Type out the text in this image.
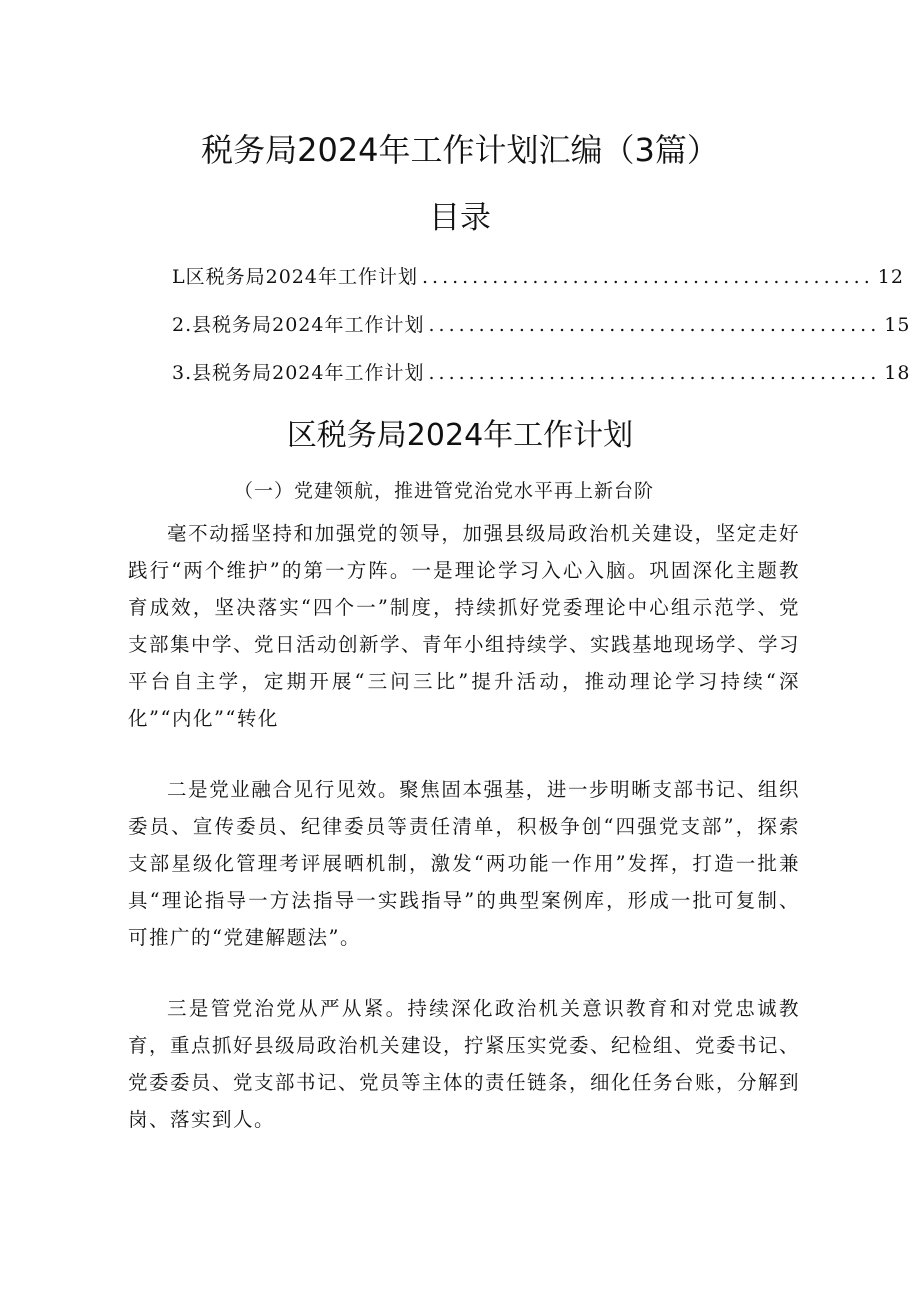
税务局2024年工作计划汇编（3篇）
目录
L区税务局2024年工作计划 ............................................. 12
2.县税务局2024年工作计划 ............................................. 15
3.县税务局2024年工作计划 ............................................. 18
区税务局2024年工作计划
（一）党建领航，推进管党治党水平再上新台阶

毫不动摇坚持和加强党的领导，加强县级局政治机关建设，坚定走好践行“两个维护”的第一方阵。一是理论学习入心入脑。巩固深化主题教育成效，坚决落实“四个一”制度，持续抓好党委理论中心组示范学、党支部集中学、党日活动创新学、青年小组持续学、实践基地现场学、学习平台自主学，定期开展“三问三比”提升活动，推动理论学习持续“深化”“内化”“转化

二是党业融合见行见效。聚焦固本强基，进一步明晰支部书记、组织委员、宣传委员、纪律委员等责任清单，积极争创“四强党支部”，探索支部星级化管理考评展晒机制，激发“两功能一作用”发挥，打造一批兼具“理论指导一方法指导一实践指导”的典型案例库，形成一批可复制、可推广的“党建解题法”。

三是管党治党从严从紧。持续深化政治机关意识教育和对党忠诚教育，重点抓好县级局政治机关建设，拧紧压实党委、纪检组、党委书记、党委委员、党支部书记、党员等主体的责任链条，细化任务台账，分解到岗、落实到人。
